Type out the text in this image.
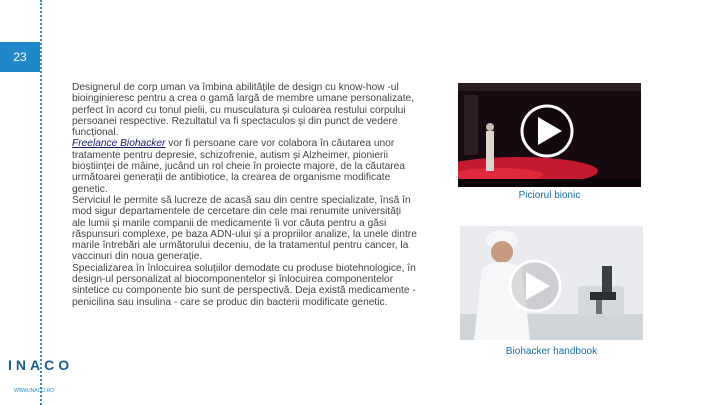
23

Designerul de corp uman va îmbina abilitățile de design cu know-how -ul bioinginieresc pentru a crea o gamă largă de membre umane personalizate, perfect în acord cu tonul pielii, cu musculatura și culoarea restului corpului persoanei respective. Rezultatul va fi spectaculos și din punct de vedere funcțional.

Freelance Biohacker vor fi persoane care vor colabora în căutarea unor tratamente pentru depresie, schizofrenie, autism și Alzheimer, pionierii bioștiinței de mâine, jucând un rol cheie în proiecte majore, de la căutarea următoarei generații de antibiotice, la crearea de organisme modificate genetic.

Serviciul le permite să lucreze de acasă sau din centre specializate, însă în mod sigur departamentele de cercetare din cele mai renumite universități ale lumii și marile companii de medicamente îi vor căuta pentru a găsi răspunsuri complexe, pe baza ADN-ului și a propriilor analize, la unele dintre marile întrebări ale următorului deceniu, de la tratamentul pentru cancer, la vaccinuri din noua generație.

Specializarea în înlocuirea soluțiilor demodate cu produse biotehnologice, în design-ul personalizat al biocomponentelor și înlocuirea componentelor sintetice cu componente bio sunt de perspectivă. Deja există medicamente - penicilina sau insulina - care se produc din bacterii modificate genetic.

Piciorul bionic
Biohacker handbook
INACO
WWW.INACO.RO
